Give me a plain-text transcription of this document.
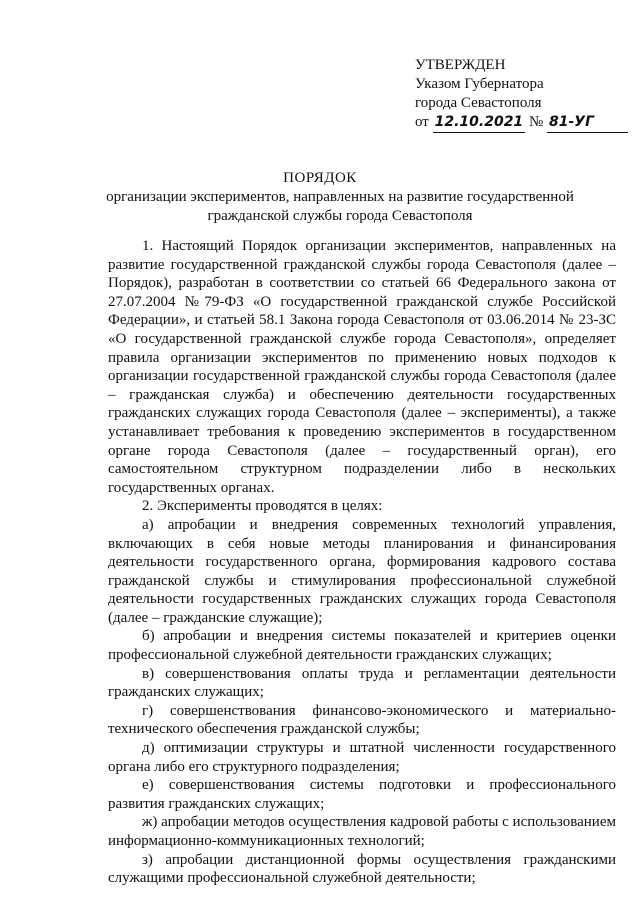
УТВЕРЖДЕН
Указом Губернатора
города Севастополя
от 12.10.2021 № 81-УГ
ПОРЯДОК
организации экспериментов, направленных на развитие государственной гражданской службы города Севастополя

1. Настоящий Порядок организации экспериментов, направленных на развитие государственной гражданской службы города Севастополя (далее – Порядок), разработан в соответствии со статьей 66 Федерального закона от 27.07.2004 №79-ФЗ «О государственной гражданской службе Российской Федерации», и статьей 58.1 Закона города Севастополя от 03.06.2014 № 23-ЗС «О государственной гражданской службе города Севастополя», определяет правила организации экспериментов по применению новых подходов к организации государственной гражданской службы города Севастополя (далее – гражданская служба) и обеспечению деятельности государственных гражданских служащих города Севастополя (далее – эксперименты), а также устанавливает требования к проведению экспериментов в государственном органе города Севастополя (далее – государственный орган), его самостоятельном структурном подразделении либо в нескольких государственных органах.

2. Эксперименты проводятся в целях:

а) апробации и внедрения современных технологий управления, включающих в себя новые методы планирования и финансирования деятельности государственного органа, формирования кадрового состава гражданской службы и стимулирования профессиональной служебной деятельности государственных гражданских служащих города Севастополя (далее – гражданские служащие);

б) апробации и внедрения системы показателей и критериев оценки профессиональной служебной деятельности гражданских служащих;

в) совершенствования оплаты труда и регламентации деятельности гражданских служащих;

г) совершенствования финансово-экономического и материально-технического обеспечения гражданской службы;

д) оптимизации структуры и штатной численности государственного органа либо его структурного подразделения;

е) совершенствования системы подготовки и профессионального развития гражданских служащих;

ж) апробации методов осуществления кадровой работы с использованием информационно-коммуникационных технологий;

з) апробации дистанционной формы осуществления гражданскими служащими профессиональной служебной деятельности;
